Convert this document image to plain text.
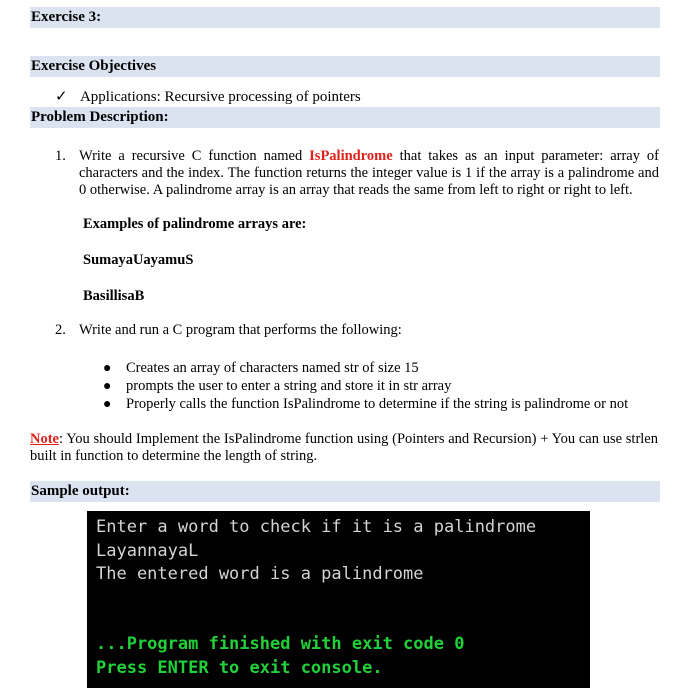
Exercise 3:
Exercise Objectives
✓ Applications: Recursive processing of pointers
Problem Description:
1. Write a recursive C function named IsPalindrome that takes as an input parameter: array of characters and the index. The function returns the integer value is 1 if the array is a palindrome and 0 otherwise. A palindrome array is an array that reads the same from left to right or right to left.
Examples of palindrome arrays are:
SumayaUayamuS
BasillisaB
2. Write and run a C program that performs the following:
● Creates an array of characters named str of size 15
● prompts the user to enter a string and store it in str array
● Properly calls the function IsPalindrome to determine if the string is palindrome or not
Note: You should Implement the IsPalindrome function using (Pointers and Recursion) + You can use strlen built in function to determine the length of string.
Sample output:
Enter a word to check if it is a palindrome
LayannayaL
The entered word is a palindrome
...Program finished with exit code 0
Press ENTER to exit console.
